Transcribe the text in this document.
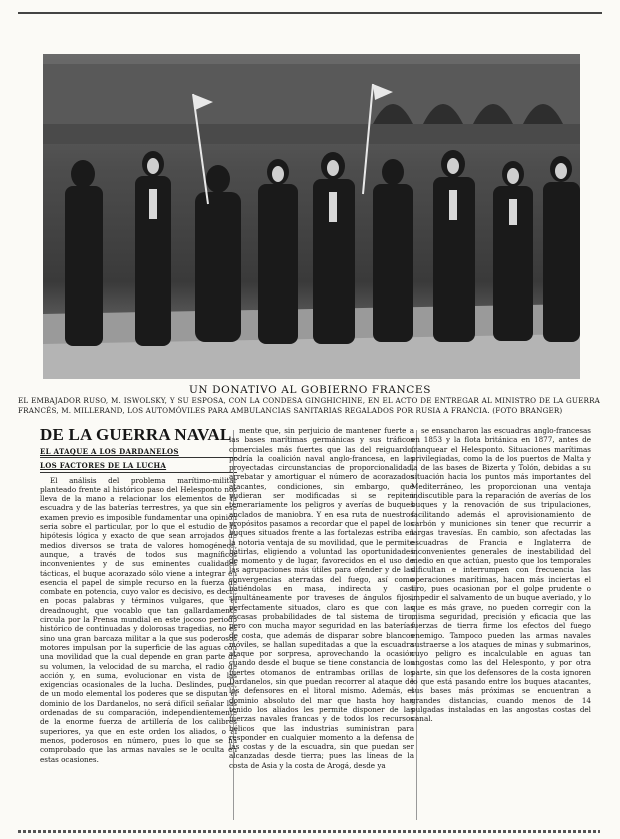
UN DONATIVO AL GOBIERNO FRANCES
EL EMBAJADOR RUSO, M. ISWOLSKY, Y SU ESPOSA, CON LA CONDESA GINGHICHINE, EN EL ACTO DE ENTREGAR AL MINISTRO DE LA GUERRA FRANCÉS, M. MILLERAND, LOS AUTOMÓVILES PARA AMBULANCIAS SANITARIAS REGALADOS POR RUSIA A FRANCIA. (FOTO BRANGER)
DE LA GUERRA NAVAL
EL ATAQUE A LOS DARDANELOS
LOS FACTORES DE LA LUCHA

El análisis del problema marítimo-militar planteado frente al histórico paso del Helesponto nos lleva de la mano a relacionar los elementos de la escuadra y de las baterías terrestres, ya que sin ese examen previo es imposible fundamentar una opinión seria sobre el particular, por lo que el estudio de la hipótesis lógica y exacto de que sean arrojados de medios diversos se trata de valores homogéneos, aunque, a través de todos sus magníficos inconvenientes y de sus eminentes cualidades tácticas, el buque acorazado sólo viene a integrar en esencia el papel de simple recurso en la fuerza de combate en potencia, cuyo valor es decisivo, es decir, en pocas palabras y términos vulgares, que el dreadnought, que vocablo que tan gallardamente circula por la Prensa mundial en este jocoso periodo histórico de continuadas y dolorosas tragedias, no es sino una gran barcaza militar a la que sus poderosos motores impulsan por la superficie de las aguas con una movilidad que la cual depende en gran parte de su volumen, la velocidad de su marcha, el radio de acción y, en suma, evolucionar en vista de las exigencias ocasionales de la lucha. Deslindes, pues, de un modo elemental los poderes que se disputan el dominio de los Dardanelos, no será difícil señalar las ordenadas de su comparación, independientemente de la enorme fuerza de artillería de los calibres superiores, ya que en este orden los aliados, o al menos, poderosos en número, pues lo que se ha comprobado que las armas navales se le oculta en estas ocasiones.

mente que, sin perjuicio de mantener fuerte a las bases marítimas germánicas y sus tráficos comerciales más fuertes que las del reiguardo, podría la coalición naval anglo-francesa, en las proyectadas circunstancias de proporcionalidad, arrebatar y amortiguar el número de acorazados atacantes, condiciones, sin embargo, que pudieran ser modificadas si se repiten temerariamente los peligros y averías de buques anclados de maniobra. Y en esa ruta de nuestros propósitos pasamos a recordar que el papel de los buques situados frente a las fortalezas estriba en la notoria ventaja de su movilidad, que le permite batirlas, eligiendo a voluntad las oportunidades de momento y de lugar, favorecidos en el uso de las agrupaciones más útiles para ofender y de las convergencias aterradas del fuego, así como batiéndolas en masa, indirecta y casi simultáneamente por traveses de ángulos fijos, perfectamente situados, claro es que con las escasas probabilidades de tal sistema de tiro, pero con mucha mayor seguridad en las baterías de costa, que además de disparar sobre blancos móviles, se hallan supeditadas a que la escuadra ataque por sorpresa, aprovechando la ocasión cuando desde el buque se tiene constancia de los fuertes otomanos de entrambas orillas de los Dardanelos, sin que puedan recorrer al ataque de los defensores en el litoral mismo. Además, el dominio absoluto del mar que hasta hoy han tenido los aliados les permite disponer de las fuerzas navales francas y de todos los recursos bélicos que las industrias suministran para responder en cualquier momento a la defensa de las costas y de la escuadra, sin que puedan ser alcanzadas desde tierra; pues las líneas de la costa de Asia y la costa de Arogá, desde ya

se ensancharon las escuadras anglo-francesas en 1853 y la flota británica en 1877, antes de franquear el Helesponto. Situaciones marítimas privilegiadas, como la de los puertos de Malta y la de las bases de Bizerta y Tolón, debidas a su situación hacia los puntos más importantes del Mediterráneo, les proporcionan una ventaja indiscutible para la reparación de averías de los buques y la renovación de sus tripulaciones, facilitando además el aprovisionamiento de carbón y municiones sin tener que recurrir a largas travesías. En cambio, son afectadas las escuadras de Francia e Inglaterra de inconvenientes generales de inestabilidad del medio en que actúan, puesto que los temporales dificultan e interrumpen con frecuencia las operaciones marítimas, hacen más inciertas el tiro, pues ocasionan por el golpe prudente o impedir el salvamento de un buque averiado, y lo que es más grave, no pueden corregir con la misma seguridad, precisión y eficacia que las fuerzas de tierra firme los efectos del fuego enemigo. Tampoco pueden las armas navales sustraerse a los ataques de minas y submarinos, cuyo peligro es incalculable en aguas tan angostas como las del Helesponto, y por otra parte, sin que los defensores de la costa ignoren lo que está pasando entre los buques atacantes, sus bases más próximas se encuentran a grandes distancias, cuando menos de 14 pulgadas instaladas en las angostas costas del canal.
